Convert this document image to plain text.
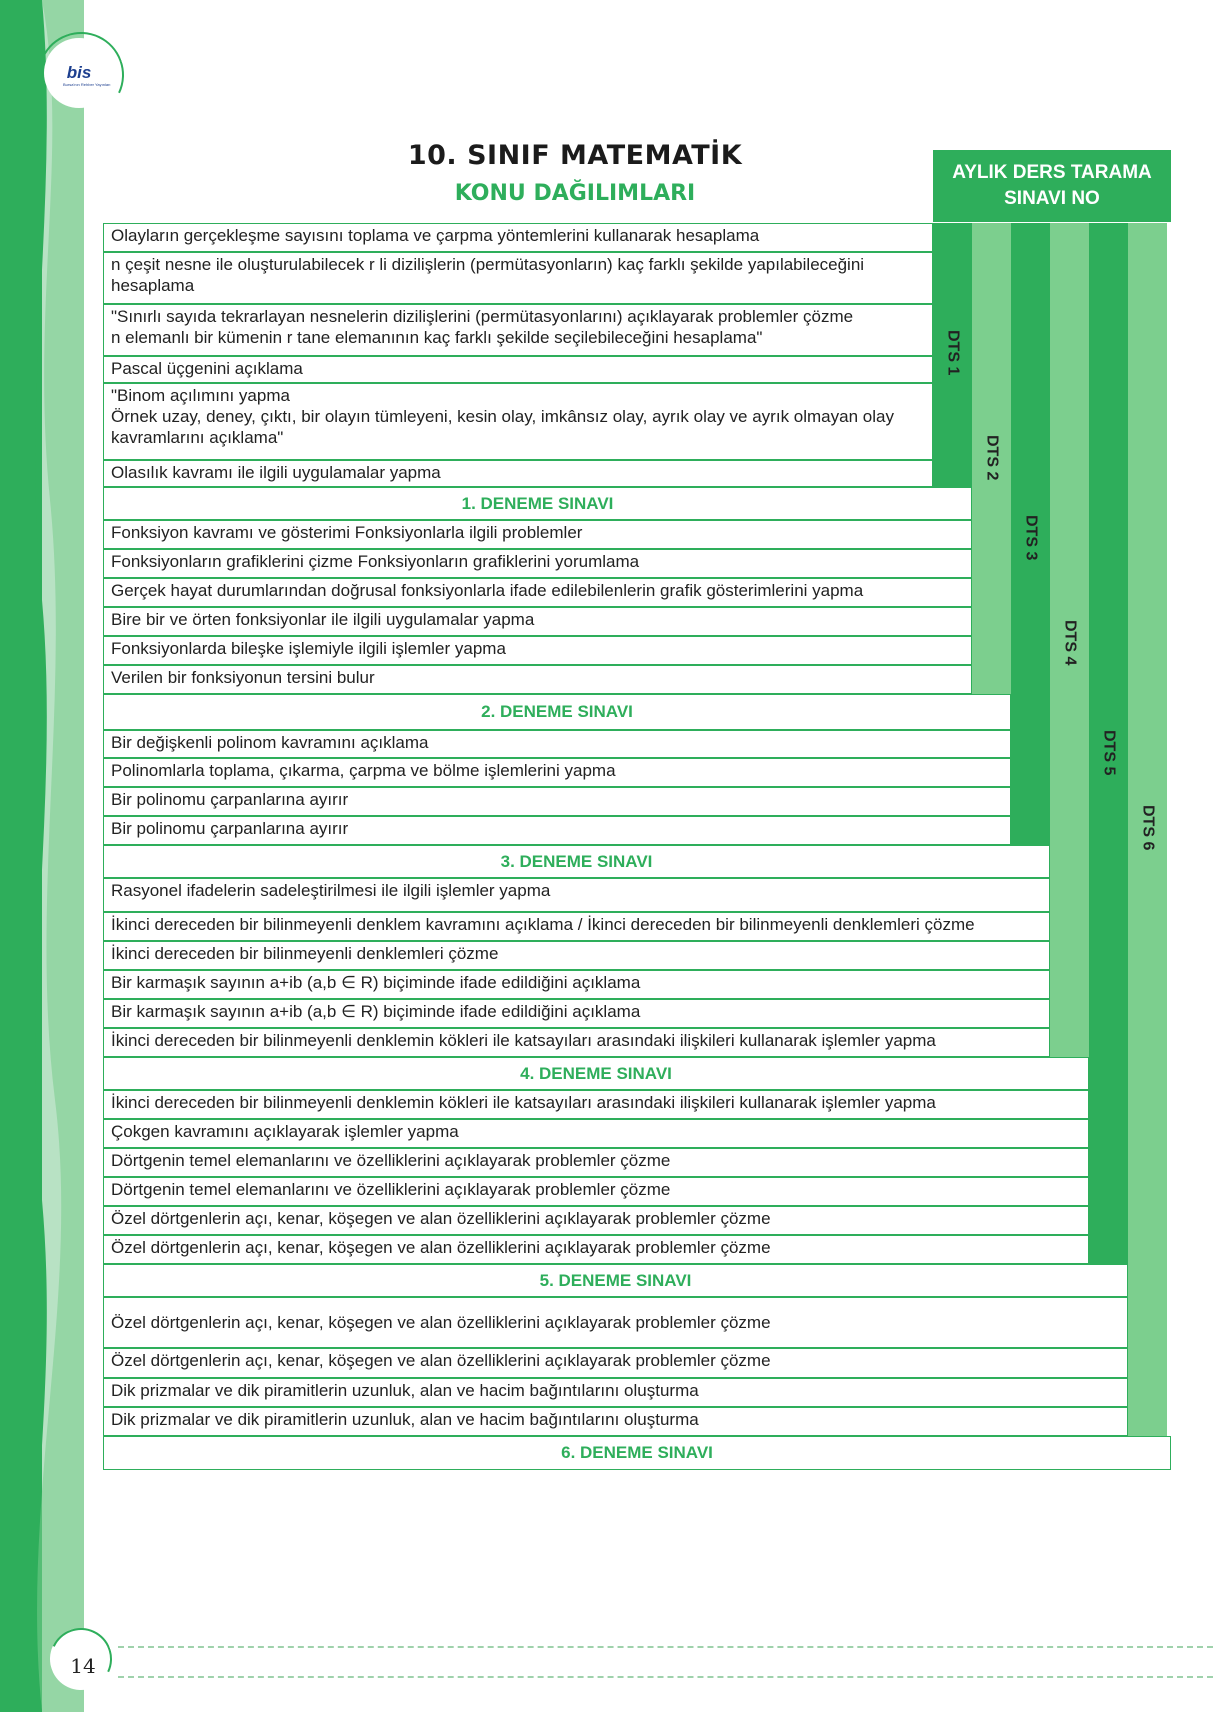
bis
Bursa'nın Rehber Yayınları
10. SINIF MATEMATİK
KONU DAĞILIMLARI
AYLIK DERS TARAMA
SINAVI NO
DTS 1
DTS 2
DTS 3
DTS 4
DTS 5
DTS 6
Olayların gerçekleşme sayısını toplama ve çarpma yöntemlerini kullanarak hesaplama
n çeşit nesne ile oluşturulabilecek r li dizilişlerin (permütasyonların) kaç farklı şekilde yapılabileceğini hesaplama
"Sınırlı sayıda tekrarlayan nesnelerin dizilişlerini (permütasyonlarını) açıklayarak problemler çözme
n elemanlı bir kümenin r tane elemanının kaç farklı şekilde seçilebileceğini hesaplama"
Pascal üçgenini açıklama
"Binom açılımını yapma
Örnek uzay, deney, çıktı, bir olayın tümleyeni, kesin olay, imkânsız olay, ayrık olay ve ayrık olmayan olay kavramlarını açıklama"
Olasılık kavramı ile ilgili uygulamalar yapma
1. DENEME SINAVI
Fonksiyon kavramı ve gösterimi Fonksiyonlarla ilgili problemler
Fonksiyonların grafiklerini çizme Fonksiyonların grafiklerini yorumlama
Gerçek hayat durumlarından doğrusal fonksiyonlarla ifade edilebilenlerin grafik gösterimlerini yapma
Bire bir ve örten fonksiyonlar ile ilgili uygulamalar yapma
Fonksiyonlarda bileşke işlemiyle ilgili işlemler yapma
Verilen bir fonksiyonun tersini bulur
2. DENEME SINAVI
Bir değişkenli polinom kavramını açıklama
Polinomlarla toplama, çıkarma, çarpma ve bölme işlemlerini yapma
Bir polinomu çarpanlarına ayırır
Bir polinomu çarpanlarına ayırır
3. DENEME SINAVI
Rasyonel ifadelerin sadeleştirilmesi ile ilgili işlemler yapma
İkinci dereceden bir bilinmeyenli denklem kavramını açıklama / İkinci dereceden bir bilinmeyenli denklemleri çözme
İkinci dereceden bir bilinmeyenli denklemleri çözme
Bir karmaşık sayının a+ib (a,b ∈ R) biçiminde ifade edildiğini açıklama
Bir karmaşık sayının a+ib (a,b ∈ R) biçiminde ifade edildiğini açıklama
İkinci dereceden bir bilinmeyenli denklemin kökleri ile katsayıları arasındaki ilişkileri kullanarak işlemler yapma
4. DENEME SINAVI
İkinci dereceden bir bilinmeyenli denklemin kökleri ile katsayıları arasındaki ilişkileri kullanarak işlemler yapma
Çokgen kavramını açıklayarak işlemler yapma
Dörtgenin temel elemanlarını ve özelliklerini açıklayarak problemler çözme
Dörtgenin temel elemanlarını ve özelliklerini açıklayarak problemler çözme
Özel dörtgenlerin açı, kenar, köşegen ve alan özelliklerini açıklayarak problemler çözme
Özel dörtgenlerin açı, kenar, köşegen ve alan özelliklerini açıklayarak problemler çözme
5. DENEME SINAVI
Özel dörtgenlerin açı, kenar, köşegen ve alan özelliklerini açıklayarak problemler çözme
Özel dörtgenlerin açı, kenar, köşegen ve alan özelliklerini açıklayarak problemler çözme
Dik prizmalar ve dik piramitlerin uzunluk, alan ve hacim bağıntılarını oluşturma
Dik prizmalar ve dik piramitlerin uzunluk, alan ve hacim bağıntılarını oluşturma
6. DENEME SINAVI
14
